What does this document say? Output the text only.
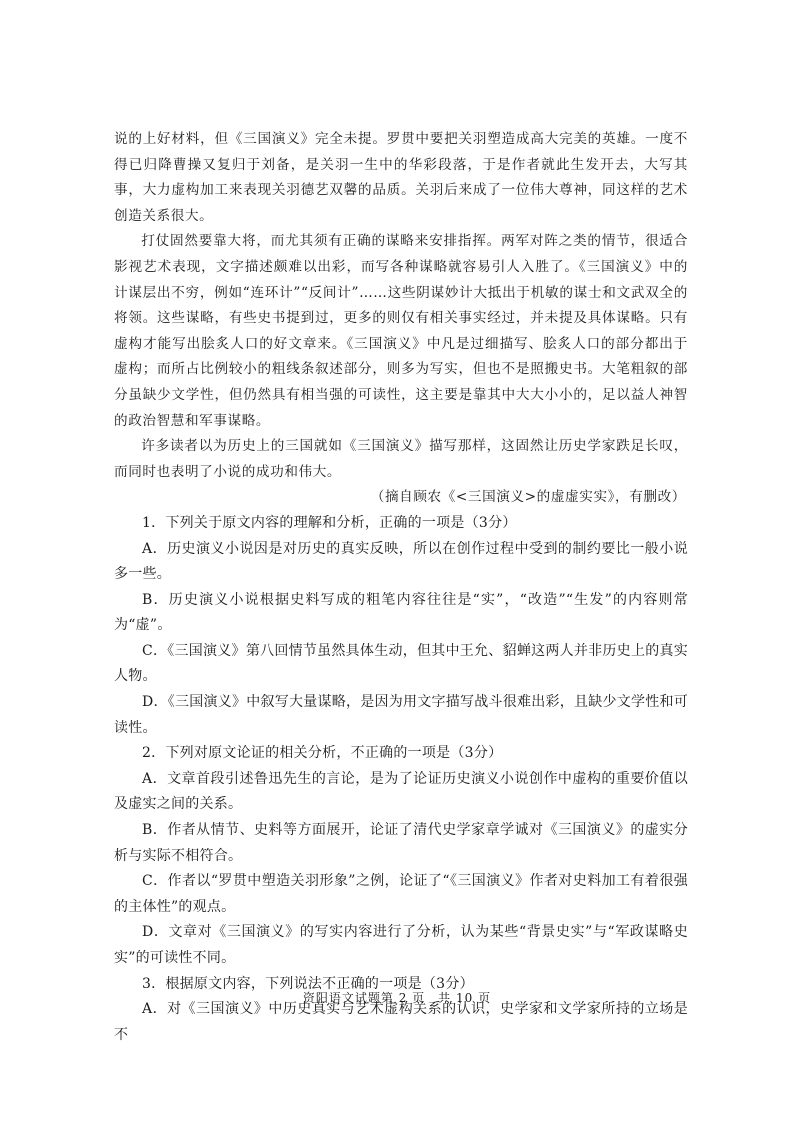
说的上好材料，但《三国演义》完全未提。罗贯中要把关羽塑造成高大完美的英雄。一度不得已归降曹操又复归于刘备，是关羽一生中的华彩段落，于是作者就此生发开去，大写其事，大力虚构加工来表现关羽德艺双馨的品质。关羽后来成了一位伟大尊神，同这样的艺术创造关系很大。

打仗固然要靠大将，而尤其须有正确的谋略来安排指挥。两军对阵之类的情节，很适合影视艺术表现，文字描述颇难以出彩，而写各种谋略就容易引人入胜了。《三国演义》中的计谋层出不穷，例如“连环计”“反间计”……这些阴谋妙计大抵出于机敏的谋士和文武双全的将领。这些谋略，有些史书提到过，更多的则仅有相关事实经过，并未提及具体谋略。只有虚构才能写出脍炙人口的好文章来。《三国演义》中凡是过细描写、脍炙人口的部分都出于虚构；而所占比例较小的粗线条叙述部分，则多为写实，但也不是照搬史书。大笔粗叙的部分虽缺少文学性，但仍然具有相当强的可读性，这主要是靠其中大大小小的，足以益人神智的政治智慧和军事谋略。

许多读者以为历史上的三国就如《三国演义》描写那样，这固然让历史学家跌足长叹，而同时也表明了小说的成功和伟大。

（摘自顾农《<三国演义>的虚虚实实》，有删改）

1．下列关于原文内容的理解和分析，正确的一项是（3分）

A．历史演义小说因是对历史的真实反映，所以在创作过程中受到的制约要比一般小说多一些。

B．历史演义小说根据史料写成的粗笔内容往往是“实”，“改造”“生发”的内容则常为“虚”。

C．《三国演义》第八回情节虽然具体生动，但其中王允、貂蝉这两人并非历史上的真实人物。

D．《三国演义》中叙写大量谋略，是因为用文字描写战斗很难出彩，且缺少文学性和可读性。

2．下列对原文论证的相关分析，不正确的一项是（3分）

A．文章首段引述鲁迅先生的言论，是为了论证历史演义小说创作中虚构的重要价值以及虚实之间的关系。

B．作者从情节、史料等方面展开，论证了清代史学家章学诚对《三国演义》的虚实分析与实际不相符合。

C．作者以“罗贯中塑造关羽形象”之例，论证了“《三国演义》作者对史料加工有着很强的主体性”的观点。

D．文章对《三国演义》的写实内容进行了分析，认为某些“背景史实”与“军政谋略史实”的可读性不同。

3．根据原文内容，下列说法不正确的一项是（3分）

A．对《三国演义》中历史真实与艺术虚构关系的认识，史学家和文学家所持的立场是不

资阳语文试题第 2 页　共 10 页
